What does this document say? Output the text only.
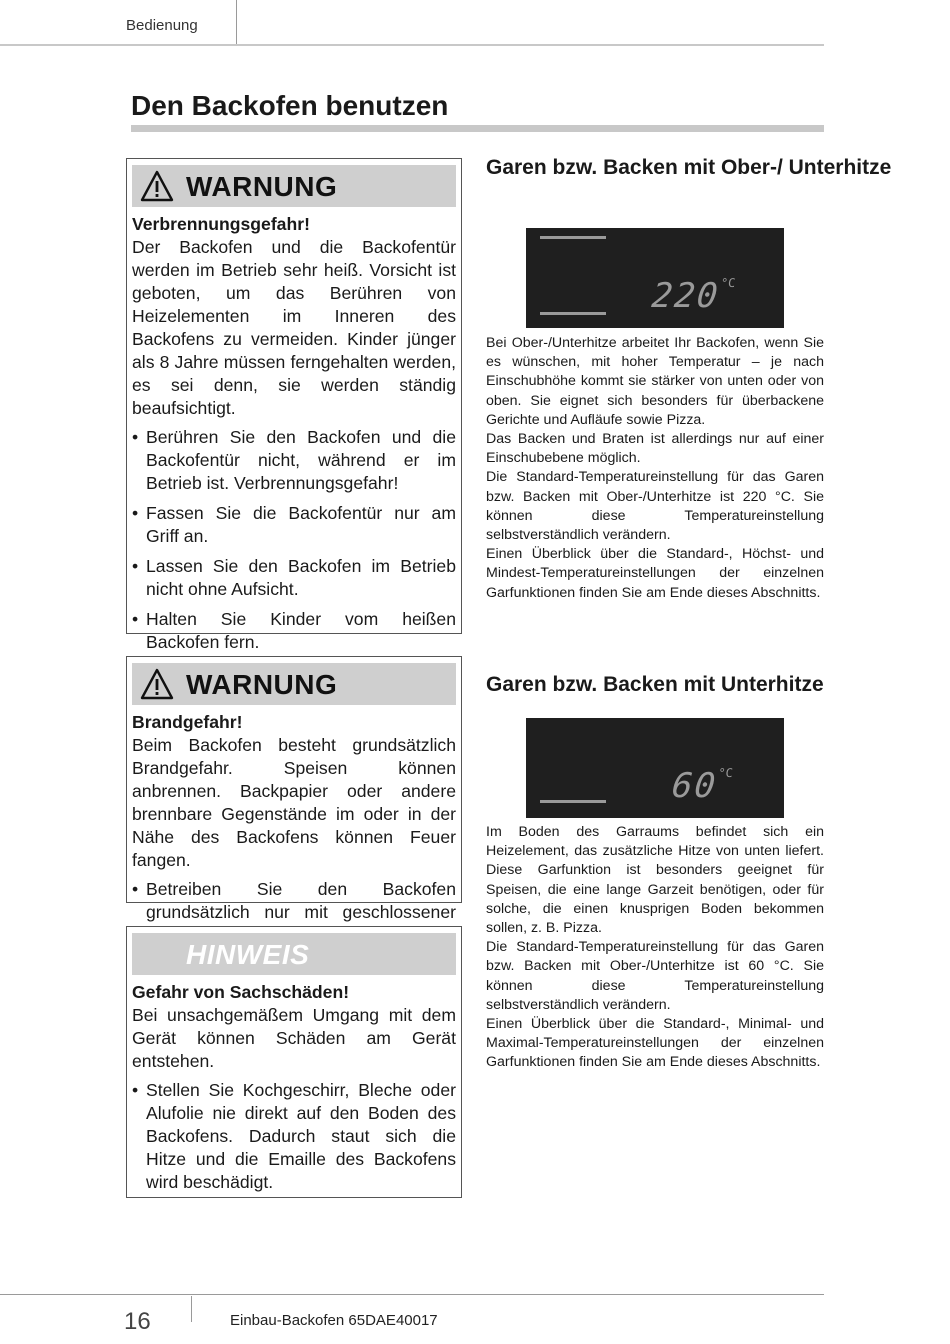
Bedienung
Den Backofen benutzen
WARNUNG

Verbrennungsgefahr!

Der Backofen und die Backofentür werden im Betrieb sehr heiß. Vorsicht ist geboten, um das Berühren von Heizelementen im Inneren des Backofens zu vermeiden. Kinder jünger als 8 Jahre müssen ferngehalten werden, es sei denn, sie werden ständig beaufsichtigt.

• Berühren Sie den Backofen und die Backofentür nicht, während er im Betrieb ist. Verbrennungsgefahr!
• Fassen Sie die Backofentür nur am Griff an.
• Lassen Sie den Backofen im Betrieb nicht ohne Aufsicht.
• Halten Sie Kinder vom heißen Backofen fern.
WARNUNG

Brandgefahr!

Beim Backofen besteht grundsätzlich Brandgefahr. Speisen können anbrennen. Backpapier oder andere brennbare Gegenstände im oder in der Nähe des Backofens können Feuer fangen.

• Betreiben Sie den Backofen grundsätzlich nur mit geschlossener
HINWEIS

Gefahr von Sachschäden!

Bei unsachgemäßem Umgang mit dem Gerät können Schäden am Gerät entstehen.

• Stellen Sie Kochgeschirr, Bleche oder Alufolie nie direkt auf den Boden des Backofens. Dadurch staut sich die Hitze und die Emaille des Backofens wird beschädigt.
Garen bzw. Backen mit Ober-/ Unterhitze
$220^{^\circ C}$

Bei Ober-/Unterhitze arbeitet Ihr Backofen, wenn Sie es wünschen, mit hoher Temperatur – je nach Einschubhöhe kommt sie stärker von unten oder von oben. Sie eignet sich besonders für überbackene Gerichte und Aufläufe sowie Pizza.

Das Backen und Braten ist allerdings nur auf einer Einschubebene möglich.

Die Standard-Temperatureinstellung für das Garen bzw. Backen mit Ober-/Unterhitze ist 220 °C. Sie können diese Temperatureinstellung selbstverständlich verändern.

Einen Überblick über die Standard-, Höchst- und Mindest-Temperatureinstellungen der einzelnen Garfunktionen finden Sie am Ende dieses Abschnitts.

Garen bzw. Backen mit Unterhitze
$60^{^\circ C}$

Im Boden des Garraums befindet sich ein Heizelement, das zusätzliche Hitze von unten liefert. Diese Garfunktion ist besonders geeignet für Speisen, die eine lange Garzeit benötigen, oder für solche, die einen knusprigen Boden bekommen sollen, z. B. Pizza.

Die Standard-Temperatureinstellung für das Garen bzw. Backen mit Ober-/Unterhitze ist 60 °C. Sie können diese Temperatureinstellung selbstverständlich verändern.

Einen Überblick über die Standard-, Minimal- und Maximal-Temperatureinstellungen der einzelnen Garfunktionen finden Sie am Ende dieses Abschnitts.

16	Einbau-Backofen 65DAE40017
